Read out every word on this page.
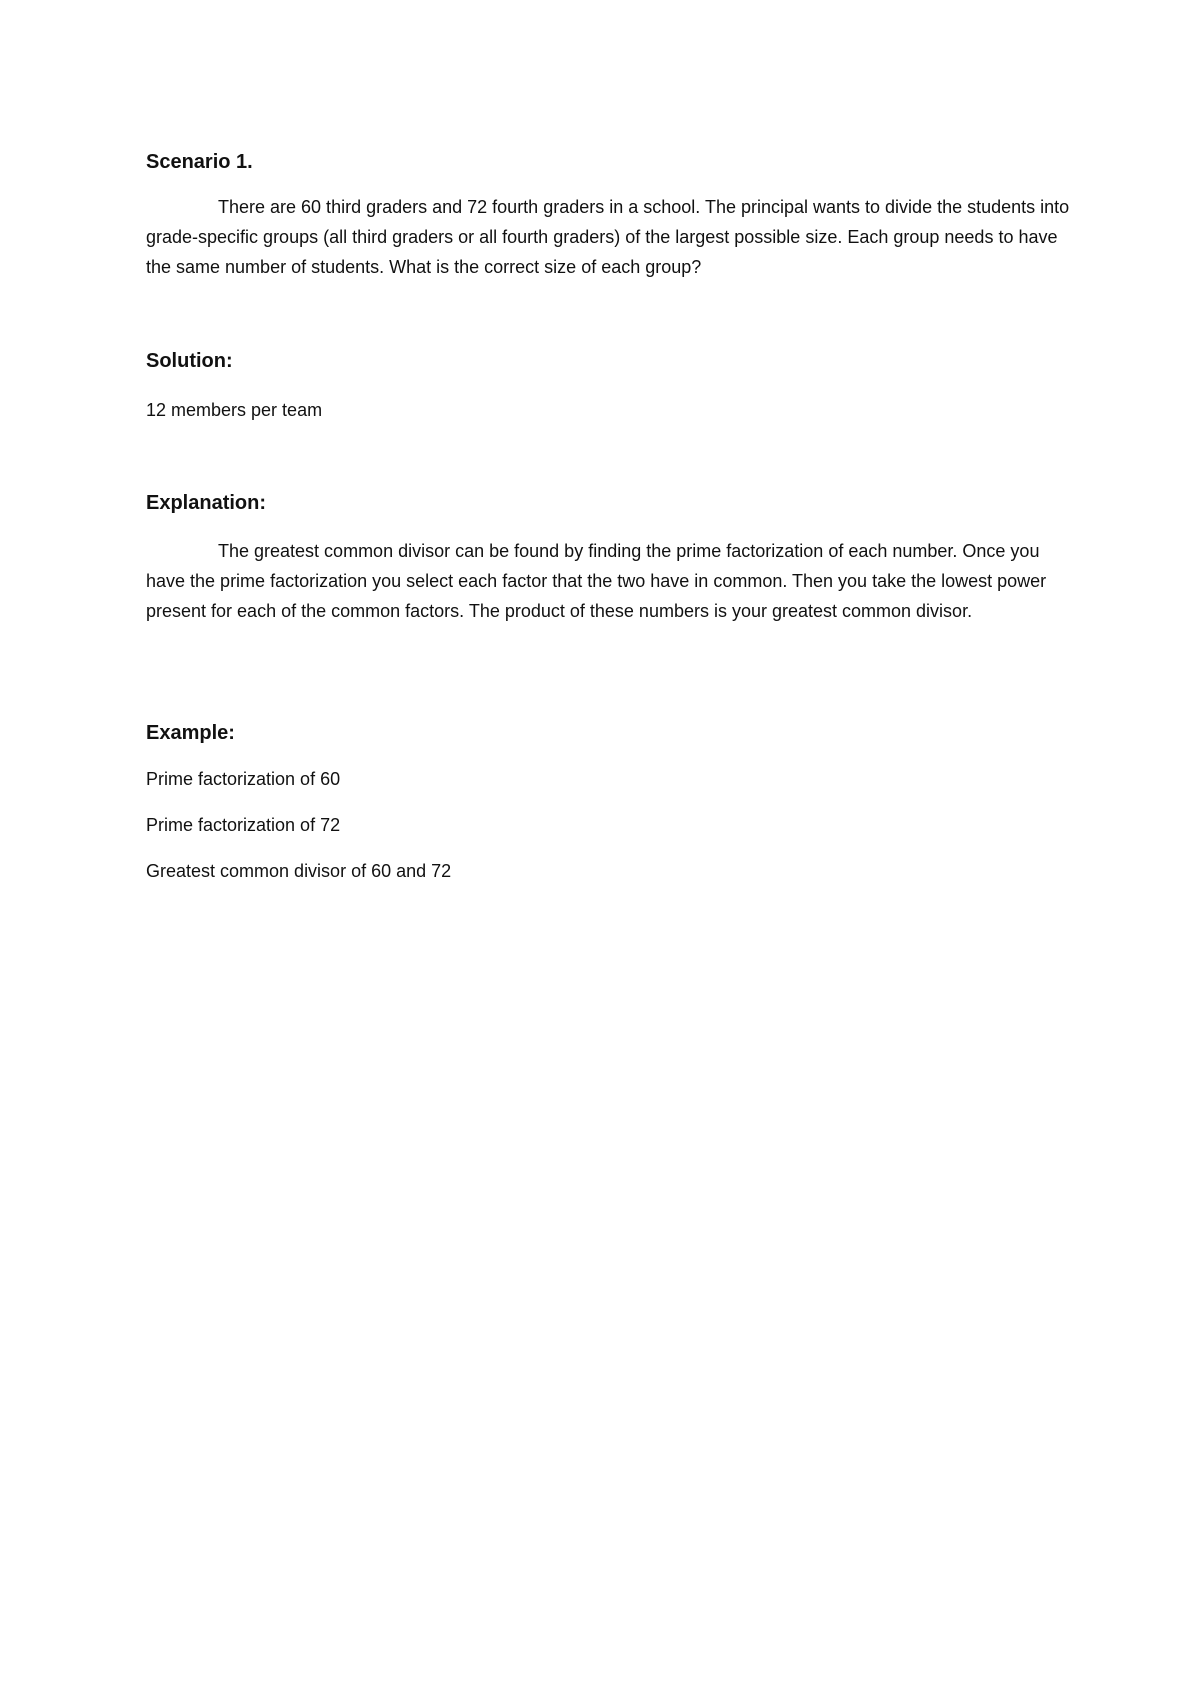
Scenario 1.

There are 60 third graders and 72 fourth graders in a school. The principal wants to divide the students into grade-specific groups (all third graders or all fourth graders) of the largest possible size. Each group needs to have the same number of students. What is the correct size of each group?

Solution:

12 members per team

Explanation:

The greatest common divisor can be found by finding the prime factorization of each number. Once you have the prime factorization you select each factor that the two have in common. Then you take the lowest power present for each of the common factors. The product of these numbers is your greatest common divisor.

Example:

Prime factorization of 60

Prime factorization of 72

Greatest common divisor of 60 and 72
